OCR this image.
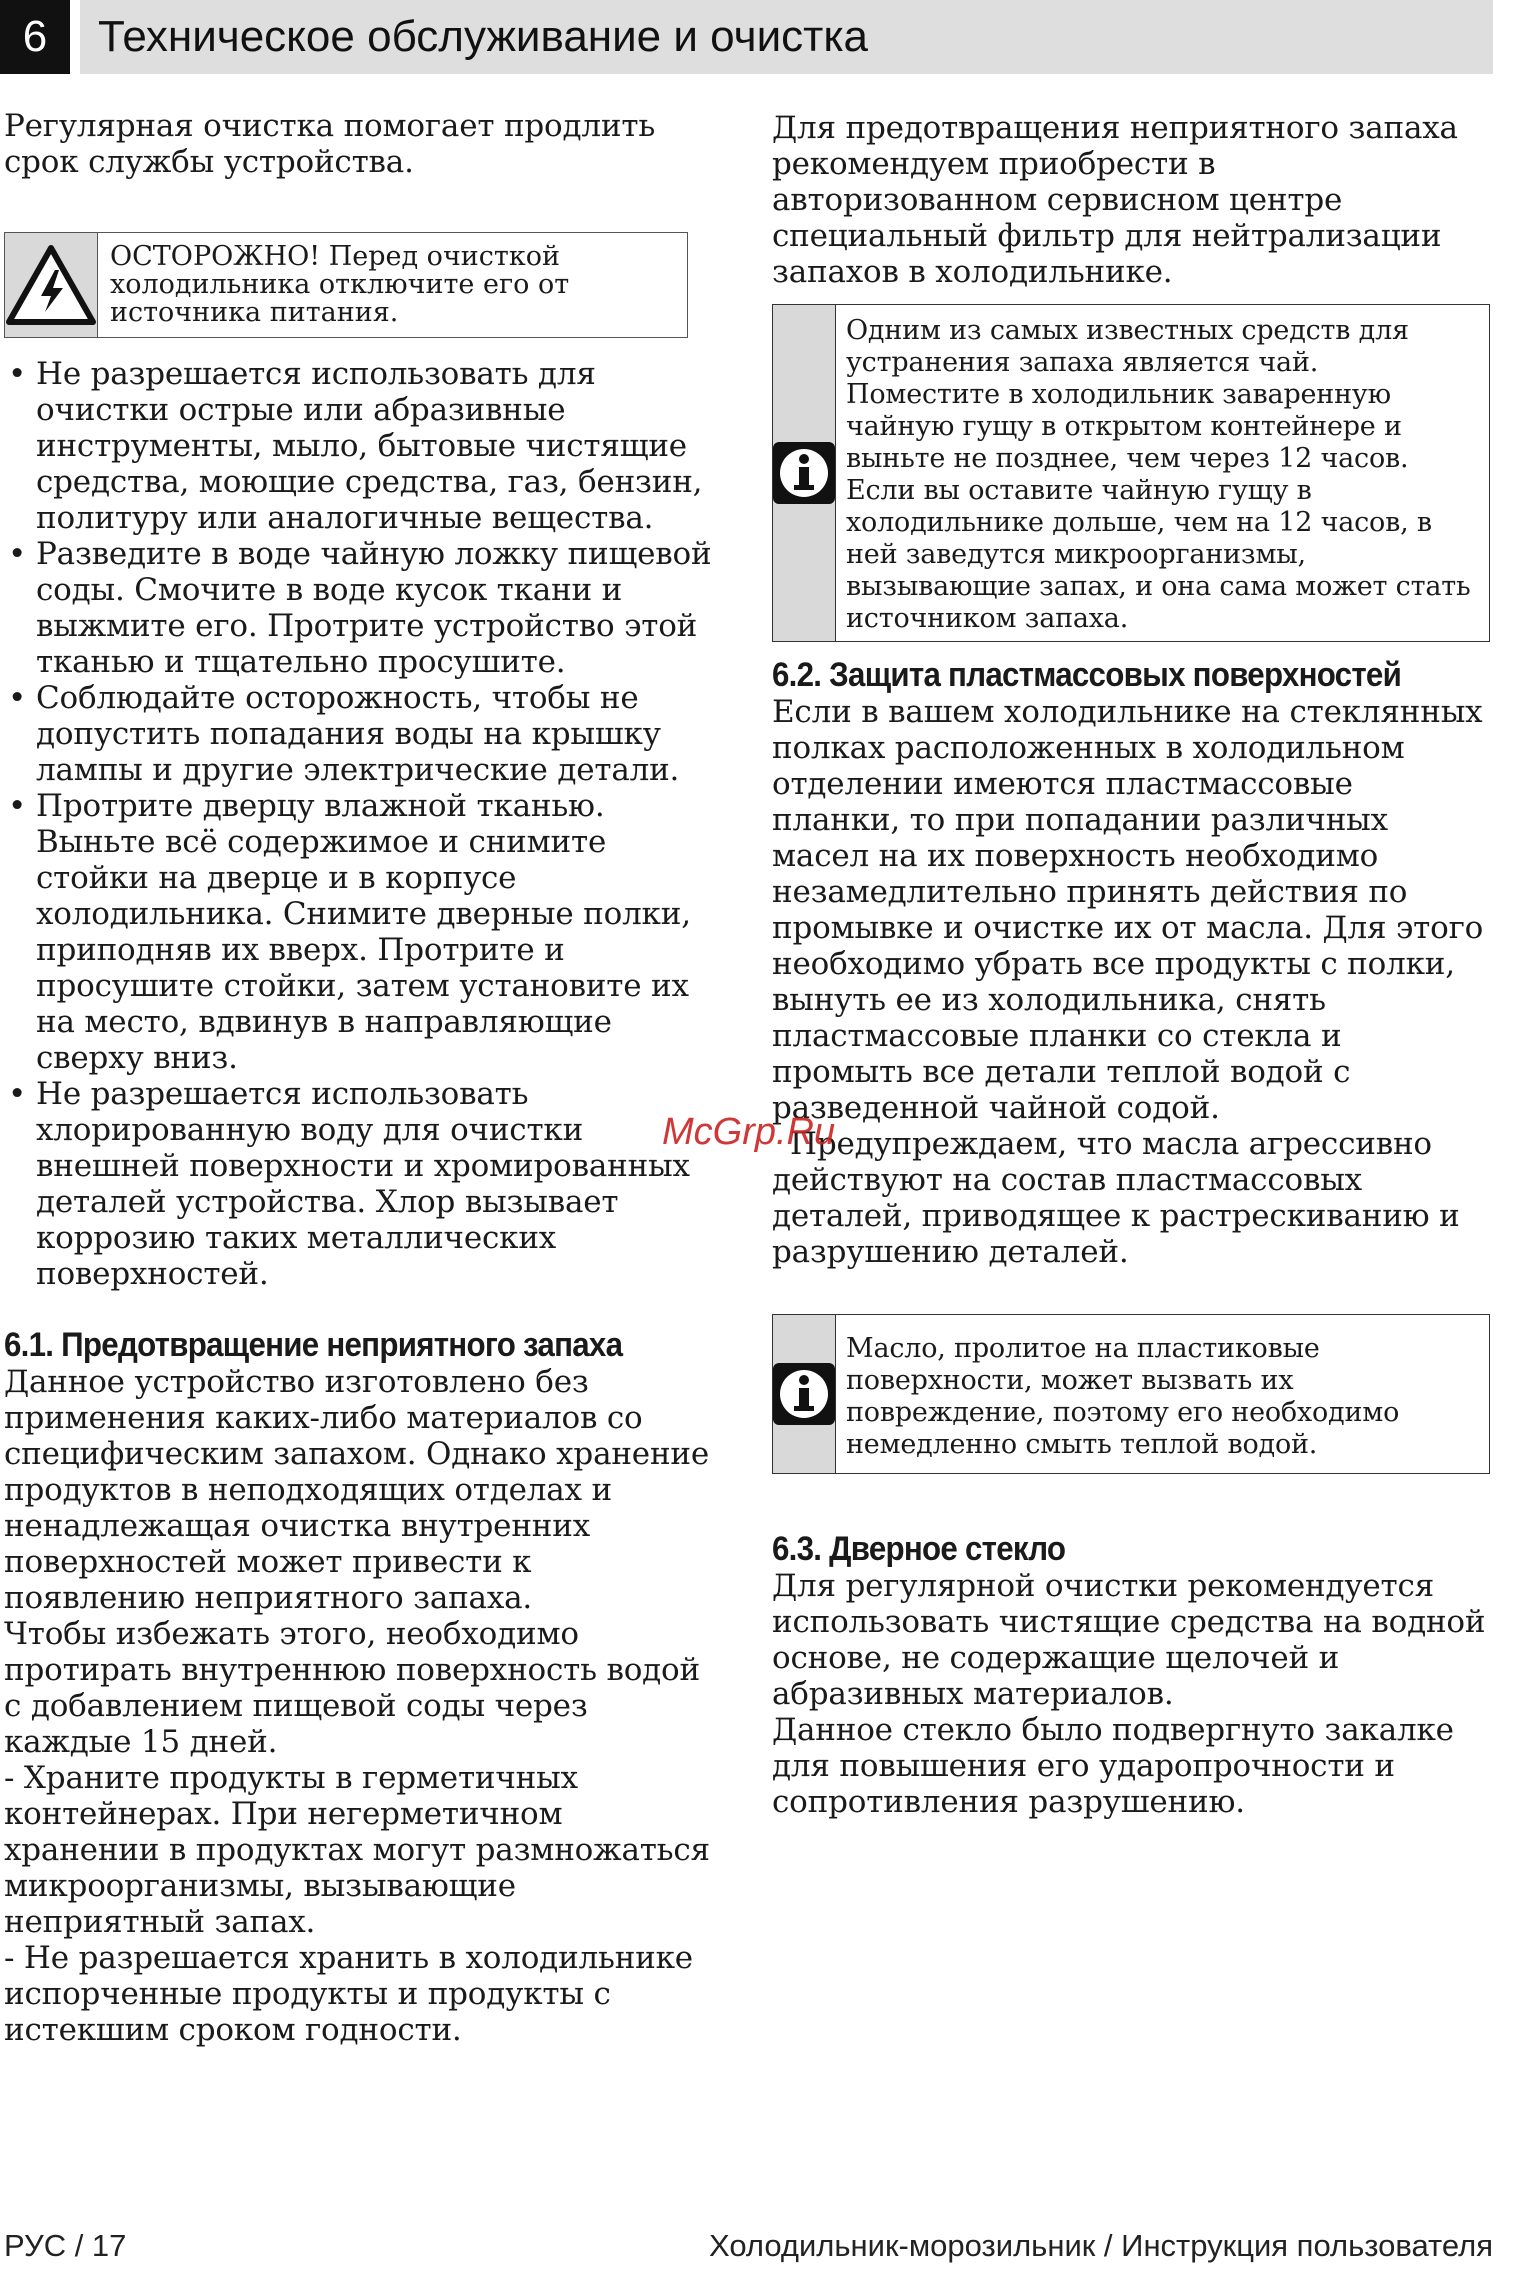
6	Техническое обслуживание и очистка

Регулярная очистка помогает продлить срок службы устройства.

ОСТОРОЖНО! Перед очисткой холодильника отключите его от источника питания.
• Не разрешается использовать для очистки острые или абразивные инструменты, мыло, бытовые чистящие средства, моющие средства, газ, бензин, политуру или аналогичные вещества.
• Разведите в воде чайную ложку пищевой соды. Смочите в воде кусок ткани и выжмите его. Протрите устройство этой тканью и тщательно просушите.
• Соблюдайте осторожность, чтобы не допустить попадания воды на крышку лампы и другие электрические детали.
• Протрите дверцу влажной тканью. Выньте всё содержимое и снимите стойки на дверце и в корпусе холодильника. Снимите дверные полки, приподняв их вверх. Протрите и просушите стойки, затем установите их на место, вдвинув в направляющие сверху вниз.
• Не разрешается использовать хлорированную воду для очистки внешней поверхности и хромированных деталей устройства. Хлор вызывает коррозию таких металлических поверхностей.
6.1. Предотвращение неприятного запаха

Данное устройство изготовлено без применения каких-либо материалов со специфическим запахом. Однако хранение продуктов в неподходящих отделах и ненадлежащая очистка внутренних поверхностей может привести к появлению неприятного запаха.

Чтобы избежать этого, необходимо протирать внутреннюю поверхность водой с добавлением пищевой соды через каждые 15 дней.

- Храните продукты в герметичных контейнерах. При негерметичном хранении в продуктах могут размножаться микроорганизмы, вызывающие неприятный запах.

- Не разрешается хранить в холодильнике испорченные продукты и продукты с истекшим сроком годности.

Для предотвращения неприятного запаха рекомендуем приобрести в авторизованном сервисном центре специальный фильтр для нейтрализации запахов в холодильнике.

Одним из самых известных средств для устранения запаха является чай. Поместите в холодильник заваренную чайную гущу в открытом контейнере и выньте не позднее, чем через 12 часов. Если вы оставите чайную гущу в холодильнике дольше, чем на 12 часов, в ней заведутся микроорганизмы, вызывающие запах, и она сама может стать источником запаха.
6.2. Защита пластмассовых поверхностей

Если в вашем холодильнике на стеклянных полках расположенных в холодильном отделении имеются пластмассовые планки, то при попадании различных масел на их поверхность необходимо незамедлительно принять действия по промывке и очистке их от масла. Для этого необходимо убрать все продукты с полки, вынуть ее из холодильника, снять пластмассовые планки со стекла и промыть все детали теплой водой с разведенной чайной содой.

Предупреждаем, что масла агрессивно действуют на состав пластмассовых деталей, приводящее к растрескиванию и разрушению деталей.

Масло, пролитое на пластиковые поверхности, может вызвать их повреждение, поэтому его необходимо немедленно смыть теплой водой.
6.3. Дверное стекло

Для регулярной очистки рекомендуется использовать чистящие средства на водной основе, не содержащие щелочей и абразивных материалов.

Данное стекло было подвергнуто закалке для повышения его ударопрочности и сопротивления разрушению.

McGrp.Ru
РУС / 17	Холодильник-морозильник / Инструкция пользователя
